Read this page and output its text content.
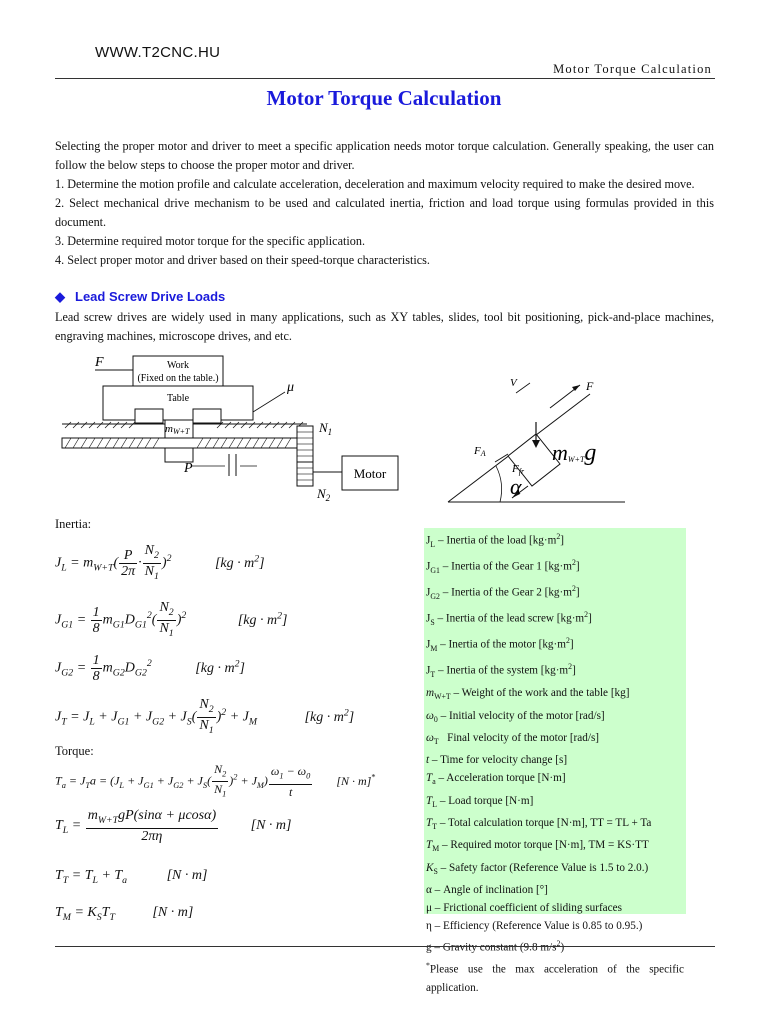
WWW.T2CNC.HU
Motor Torque Calculation
Motor Torque Calculation

Selecting the proper motor and driver to meet a specific application needs motor torque calculation. Generally speaking, the user can follow the below steps to choose the proper motor and driver.

1. Determine the motion profile and calculate acceleration, deceleration and maximum velocity required to make the desired move.

2. Select mechanical drive mechanism to be used and calculated inertia, friction and load torque using formulas provided in this document.

3. Determine required motor torque for the specific application.

4. Select proper motor and driver based on their speed-torque characteristics.

◆ Lead Screw Drive Loads
Lead screw drives are widely used in many applications, such as XY tables, slides, tool bit positioning, pick-and-place machines, engraving machines, microscope drives, and etc.
F	Work
(Fixed on the table.)
Table
mW+T
μ
P
$N_1$
$N_2$
Motor
V	F
FA
Ffr
mW+Tg
α
Inertia:
$J_L = m_{W+T}( \frac{P}{2\pi} \cdot \frac{N_2}{N_1} )^2$	$[kg \cdot m^2]$
$J_{G1} = \frac{1}{8} m_{G1}D_{G1}^2( \frac{N_2}{N_1} )^2$	$[kg \cdot m^2]$
$J_{G2} = \frac{1}{8} m_{G2}D_{G2}^2$	$[kg \cdot m^2]$
$J_T = J_L + J_{G1} + J_{G2} + J_S( \frac{N_2}{N_1} )^2 + J_M$	$[kg \cdot m^2]$
Torque:
$T_a = J_Ta = (J_L + J_{G1} + J_{G2} + J_S( \frac{N_2}{N_1} )^2 + J_M) \frac{\omega_1 - \omega_0}{t} [N \cdot m]^*$
$T_L = \frac{m_{W+T}gP(\sin\alpha + \mu\cos\alpha)}{2\pi\eta} [N \cdot m]$
$T_T = T_L + T_a$	[N · m]
$T_M = K_ST_T$	[N · m]
$J_L$ – Inertia of the load $[kg\cdot m^2]$
$J_{G1}$ – Inertia of the Gear 1 $[kg\cdot m^2]$
$J_{G2}$ – Inertia of the Gear 2 $[kg\cdot m^2]$
$J_S$ – Inertia of the lead screw $[kg\cdot m^2]$
$J_M$ – Inertia of the motor $[kg\cdot m^2]$
$J_T$ – Inertia of the system $[kg\cdot m^2]$
$m_{W+T}$ – Weight of the work and the table [kg]
$\omega_0$ – Initial velocity of the motor [rad/s]
$\omega_T$   Final velocity of the motor [rad/s]
t – Time for velocity change [s]
$T_a$ – Acceleration torque [N·m]
$T_L$ – Load torque [N·m]
$T_T$ – Total calculation torque [N·m], TT = TL + Ta
$T_M$ – Required motor torque [N·m], TM = KS·TT
$K_S$ – Safety factor (Reference Value is 1.5 to 2.0.)
α – Angle of inclination [°]
μ – Frictional coefficient of sliding surfaces
η – Efficiency (Reference Value is 0.85 to 0.95.)
g – Gravity constant (9.8 $m/s^2$)
*Please use the max acceleration of the specific application.
